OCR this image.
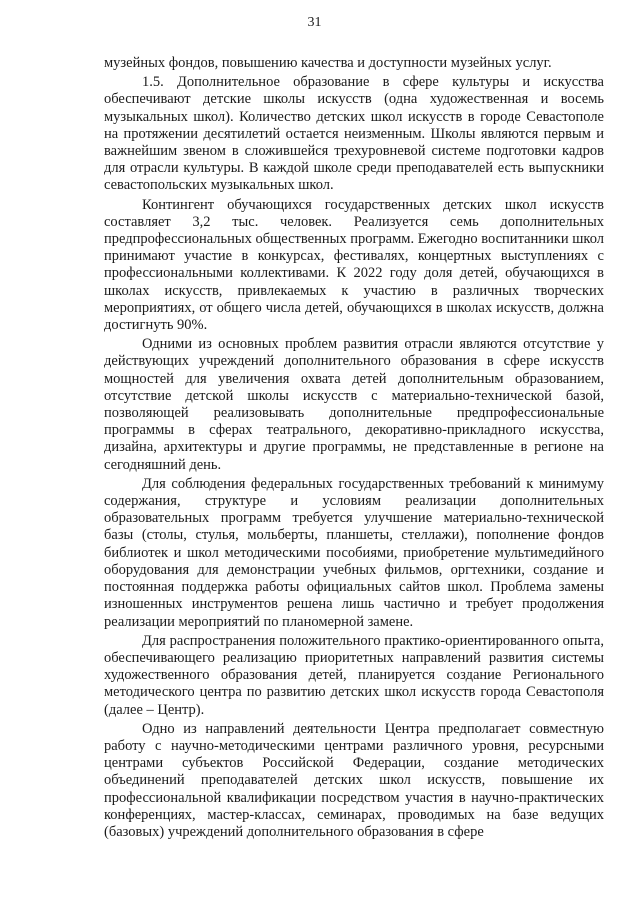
31

музейных фондов, повышению качества и доступности музейных услуг.

1.5. Дополнительное образование в сфере культуры и искусства обеспечивают детские школы искусств (одна художественная и восемь музыкальных школ). Количество детских школ искусств в городе Севастополе на протяжении десятилетий остается неизменным. Школы являются первым и важнейшим звеном в сложившейся трехуровневой системе подготовки кадров для отрасли культуры. В каждой школе среди преподавателей есть выпускники севастопольских музыкальных школ.

Контингент обучающихся государственных детских школ искусств составляет 3,2 тыс. человек. Реализуется семь дополнительных предпрофессиональных общественных программ. Ежегодно воспитанники школ принимают участие в конкурсах, фестивалях, концертных выступлениях с профессиональными коллективами. К 2022 году доля детей, обучающихся в школах искусств, привлекаемых к участию в различных творческих мероприятиях, от общего числа детей, обучающихся в школах искусств, должна достигнуть 90%.

Одними из основных проблем развития отрасли являются отсутствие у действующих учреждений дополнительного образования в сфере искусств мощностей для увеличения охвата детей дополнительным образованием, отсутствие детской школы искусств с материально-технической базой, позволяющей реализовывать дополнительные предпрофессиональные программы в сферах театрального, декоративно-прикладного искусства, дизайна, архитектуры и другие программы, не представленные в регионе на сегодняшний день.

Для соблюдения федеральных государственных требований к минимуму содержания, структуре и условиям реализации дополнительных образовательных программ требуется улучшение материально-технической базы (столы, стулья, мольберты, планшеты, стеллажи), пополнение фондов библиотек и школ методическими пособиями, приобретение мультимедийного оборудования для демонстрации учебных фильмов, оргтехники, создание и постоянная поддержка работы официальных сайтов школ. Проблема замены изношенных инструментов решена лишь частично и требует продолжения реализации мероприятий по планомерной замене.

Для распространения положительного практико-ориентированного опыта, обеспечивающего реализацию приоритетных направлений развития системы художественного образования детей, планируется создание Регионального методического центра по развитию детских школ искусств города Севастополя (далее – Центр).

Одно из направлений деятельности Центра предполагает совместную работу с научно-методическими центрами различного уровня, ресурсными центрами субъектов Российской Федерации, создание методических объединений преподавателей детских школ искусств, повышение их профессиональной квалификации посредством участия в научно-практических конференциях, мастер-классах, семинарах, проводимых на базе ведущих (базовых) учреждений дополнительного образования в сфере
